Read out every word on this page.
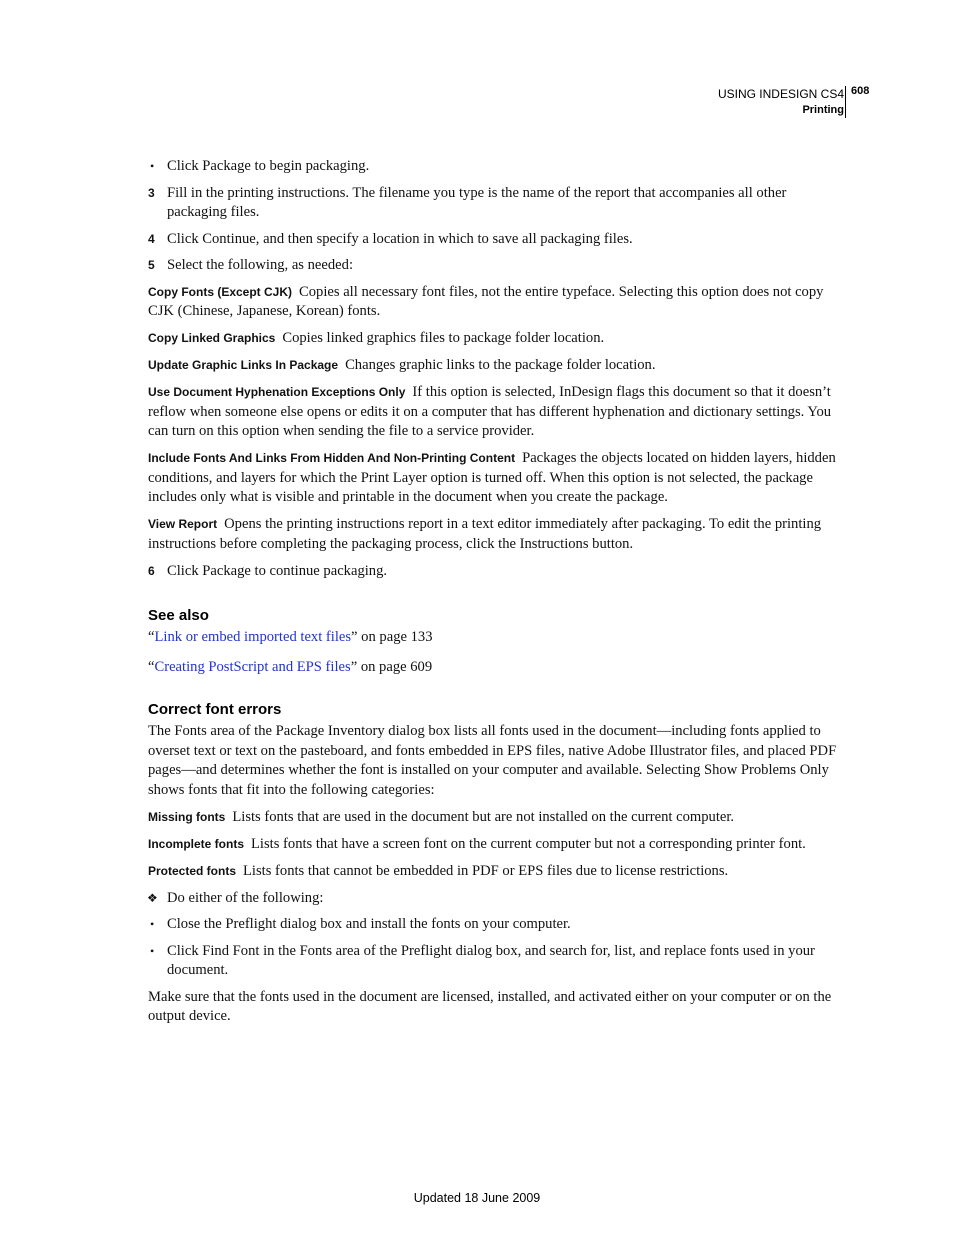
USING INDESIGN CS4
Printing
608
• Click Package to begin packaging.
3 Fill in the printing instructions. The filename you type is the name of the report that accompanies all other packaging files.
4 Click Continue, and then specify a location in which to save all packaging files.
5 Select the following, as needed:

Copy Fonts (Except CJK) Copies all necessary font files, not the entire typeface. Selecting this option does not copy CJK (Chinese, Japanese, Korean) fonts.

Copy Linked Graphics Copies linked graphics files to package folder location.

Update Graphic Links In Package Changes graphic links to the package folder location.

Use Document Hyphenation Exceptions Only If this option is selected, InDesign flags this document so that it doesn’t reflow when someone else opens or edits it on a computer that has different hyphenation and dictionary settings. You can turn on this option when sending the file to a service provider.

Include Fonts And Links From Hidden And Non-Printing Content Packages the objects located on hidden layers, hidden conditions, and layers for which the Print Layer option is turned off. When this option is not selected, the package includes only what is visible and printable in the document when you create the package.

View Report Opens the printing instructions report in a text editor immediately after packaging. To edit the printing instructions before completing the packaging process, click the Instructions button.

6 Click Package to continue packaging.
See also

“Link or embed imported text files” on page 133

“Creating PostScript and EPS files” on page 609

Correct font errors

The Fonts area of the Package Inventory dialog box lists all fonts used in the document—including fonts applied to overset text or text on the pasteboard, and fonts embedded in EPS files, native Adobe Illustrator files, and placed PDF pages—and determines whether the font is installed on your computer and available. Selecting Show Problems Only shows fonts that fit into the following categories:

Missing fonts Lists fonts that are used in the document but are not installed on the current computer.

Incomplete fonts Lists fonts that have a screen font on the current computer but not a corresponding printer font.

Protected fonts Lists fonts that cannot be embedded in PDF or EPS files due to license restrictions.

❖ Do either of the following:
• Close the Preflight dialog box and install the fonts on your computer.
• Click Find Font in the Fonts area of the Preflight dialog box, and search for, list, and replace fonts used in your document.

Make sure that the fonts used in the document are licensed, installed, and activated either on your computer or on the output device.

Updated 18 June 2009
